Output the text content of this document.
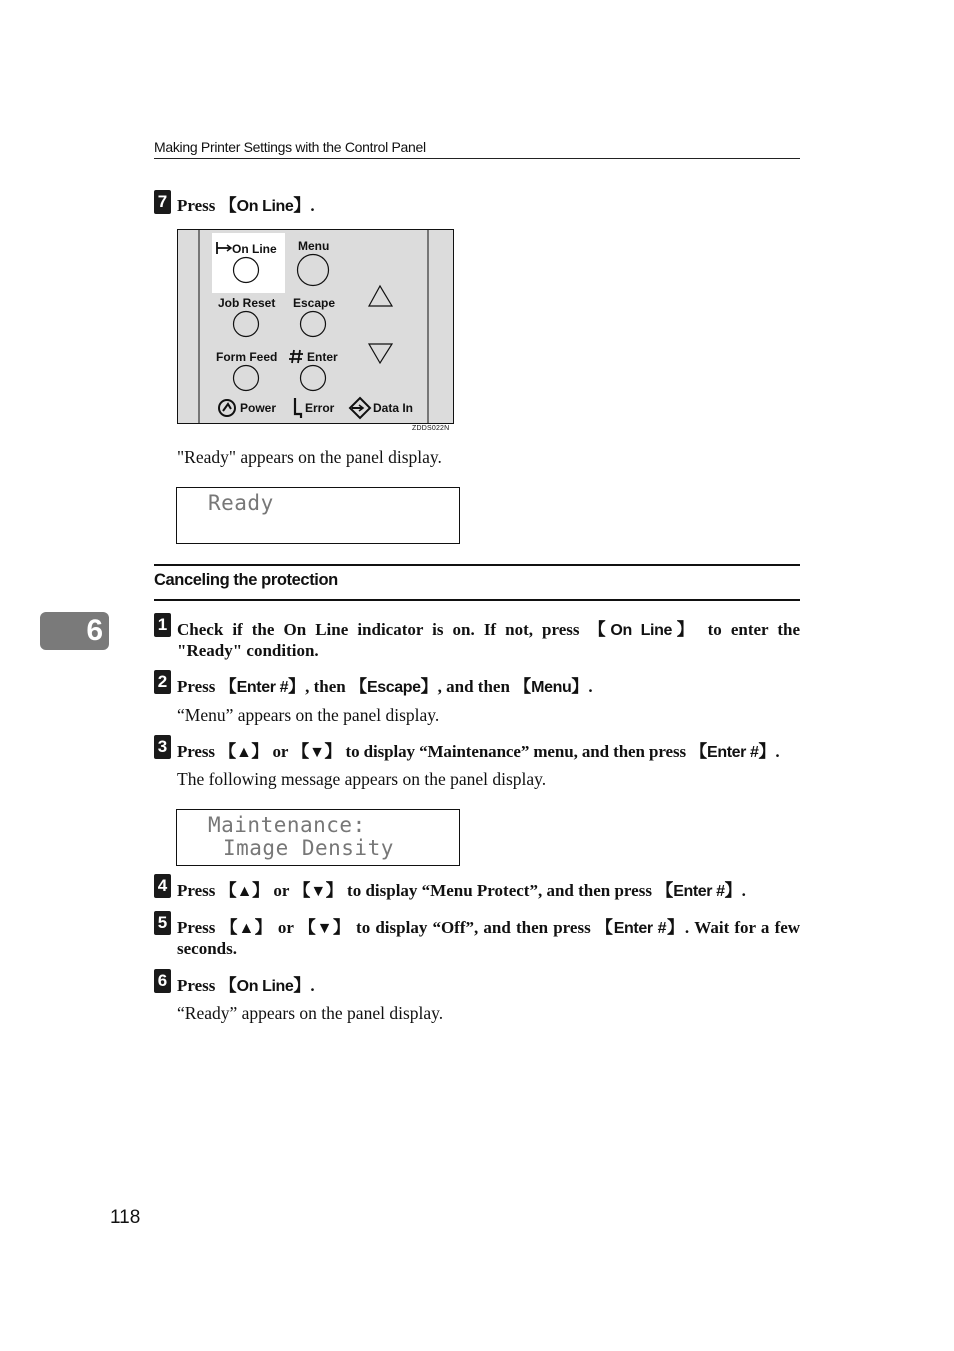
Making Printer Settings with the Control Panel
6
7 Press 【On Line】.
On Line Menu
Job Reset Escape
Form Feed Enter
Power Error	Data In
ZDDS022N
"Ready" appears on the panel display.
Ready
Canceling the protection
1 Check if the On Line indicator is on. If not, press 【On Line】 to enter the
"Ready" condition.
2 Press 【Enter #】, then 【Escape】, and then 【Menu】.
“Menu” appears on the panel display.
3 Press 【▲】 or 【▼】 to display “Maintenance” menu, and then press 【Enter #】.
The following message appears on the panel display.
Maintenance:
Image Density
4 Press 【▲】 or 【▼】 to display “Menu Protect”, and then press 【Enter #】.
5 Press 【▲】 or 【▼】 to display “Off”, and then press 【Enter #】. Wait for a few
seconds.
6 Press 【On Line】.
“Ready” appears on the panel display.
118
